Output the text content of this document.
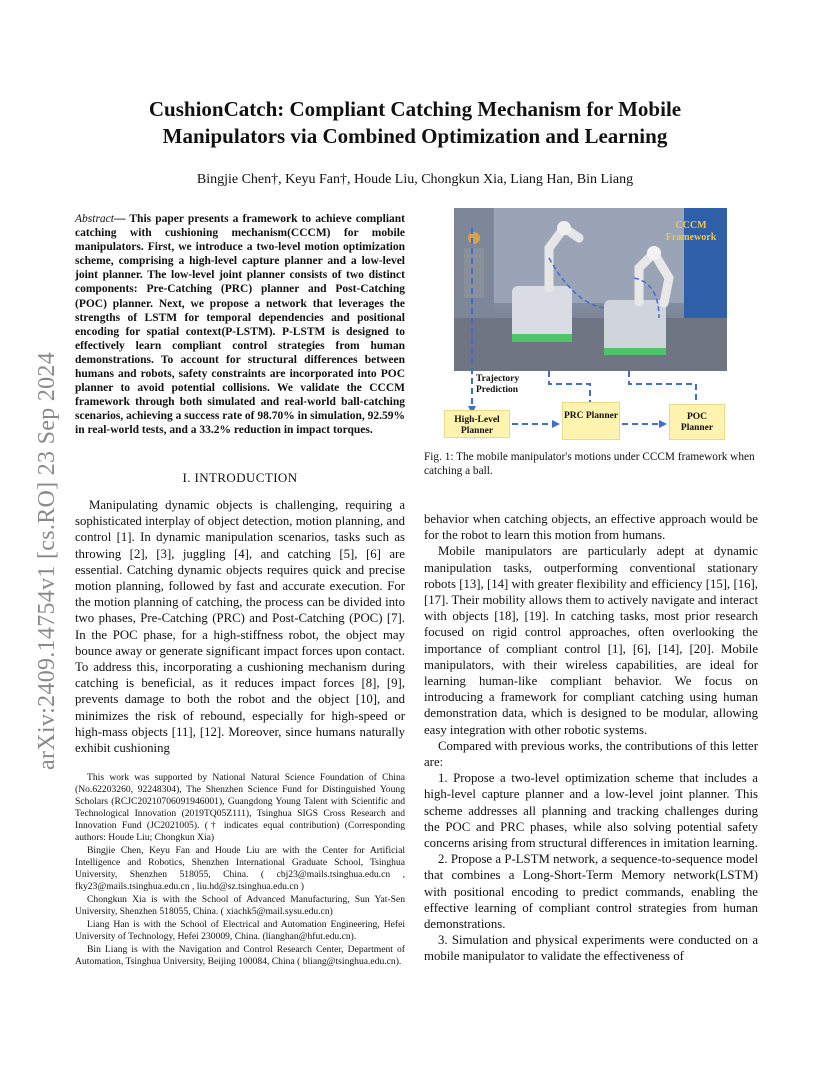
arXiv:2409.14754v1 [cs.RO] 23 Sep 2024
CushionCatch: Compliant Catching Mechanism for Mobile
Manipulators via Combined Optimization and Learning
Bingjie Chen†, Keyu Fan†, Houde Liu, Chongkun Xia, Liang Han, Bin Liang
Abstract— This paper presents a framework to achieve compliant catching with cushioning mechanism(CCCM) for mobile manipulators. First, we introduce a two-level motion optimization scheme, comprising a high-level capture planner and a low-level joint planner. The low-level joint planner consists of two distinct components: Pre-Catching (PRC) planner and Post-Catching (POC) planner. Next, we propose a network that leverages the strengths of LSTM for temporal dependencies and positional encoding for spatial context(P-LSTM). P-LSTM is designed to effectively learn compliant control strategies from human demonstrations. To account for structural differences between humans and robots, safety constraints are incorporated into POC planner to avoid potential collisions. We validate the CCCM framework through both simulated and real-world ball-catching scenarios, achieving a success rate of 98.70% in simulation, 92.59% in real-world tests, and a 33.2% reduction in impact torques.
I. INTRODUCTION

Manipulating dynamic objects is challenging, requiring a sophisticated interplay of object detection, motion planning, and control [1]. In dynamic manipulation scenarios, tasks such as throwing [2], [3], juggling [4], and catching [5], [6] are essential. Catching dynamic objects requires quick and precise motion planning, followed by fast and accurate execution. For the motion planning of catching, the process can be divided into two phases, Pre-Catching (PRC) and Post-Catching (POC) [7]. In the POC phase, for a high-stiffness robot, the object may bounce away or generate significant impact forces upon contact. To address this, incorporating a cushioning mechanism during catching is beneficial, as it reduces impact forces [8], [9], prevents damage to both the robot and the object [10], and minimizes the risk of rebound, especially for high-speed or high-mass objects [11], [12]. Moreover, since humans naturally exhibit cushioning

This work was supported by National Natural Science Foundation of China (No.62203260, 92248304), The Shenzhen Science Fund for Distinguished Young Scholars (RCJC20210706091946001), Guangdong Young Talent with Scientific and Technological Innovation (2019TQ05Z111), Tsinghua SIGS Cross Research and Innovation Fund (JC2021005). († indicates equal contribution) (Corresponding authors: Houde Liu; Chongkun Xia)

Bingjie Chen, Keyu Fan and Houde Liu are with the Center for Artificial Intelligence and Robotics, Shenzhen International Graduate School, Tsinghua University, Shenzhen 518055, China. ( cbj23@mails.tsinghua.edu.cn , fky23@mails.tsinghua.edu.cn , liu.hd@sz.tsinghua.edu.cn )

Chongkun Xia is with the School of Advanced Manufacturing, Sun Yat-Sen University, Shenzhen 518055, China. ( xiachk5@mail.sysu.edu.cn)

Liang Han is with the School of Electrical and Automation Engineering, Hefei University of Technology, Hefei 230009, China. (lianghan@hfut.edu.cn).

Bin Liang is with the Navigation and Control Research Center, Department of Automation, Tsinghua University, Beijing 100084, China ( bliang@tsinghua.edu.cn).

CCCM Framework
Trajectory Prediction
High-Level Planner
PRC Planner	POC Planner
Fig. 1: The mobile manipulator's motions under CCCM framework when catching a ball.

behavior when catching objects, an effective approach would be for the robot to learn this motion from humans.

Mobile manipulators are particularly adept at dynamic manipulation tasks, outperforming conventional stationary robots [13], [14] with greater flexibility and efficiency [15], [16], [17]. Their mobility allows them to actively navigate and interact with objects [18], [19]. In catching tasks, most prior research focused on rigid control approaches, often overlooking the importance of compliant control [1], [6], [14], [20]. Mobile manipulators, with their wireless capabilities, are ideal for learning human-like compliant behavior. We focus on introducing a framework for compliant catching using human demonstration data, which is designed to be modular, allowing easy integration with other robotic systems.

Compared with previous works, the contributions of this letter are:

1. Propose a two-level optimization scheme that includes a high-level capture planner and a low-level joint planner. This scheme addresses all planning and tracking challenges during the POC and PRC phases, while also solving potential safety concerns arising from structural differences in imitation learning.

2. Propose a P-LSTM network, a sequence-to-sequence model that combines a Long-Short-Term Memory network(LSTM) with positional encoding to predict commands, enabling the effective learning of compliant control strategies from human demonstrations.

3. Simulation and physical experiments were conducted on a mobile manipulator to validate the effectiveness of
